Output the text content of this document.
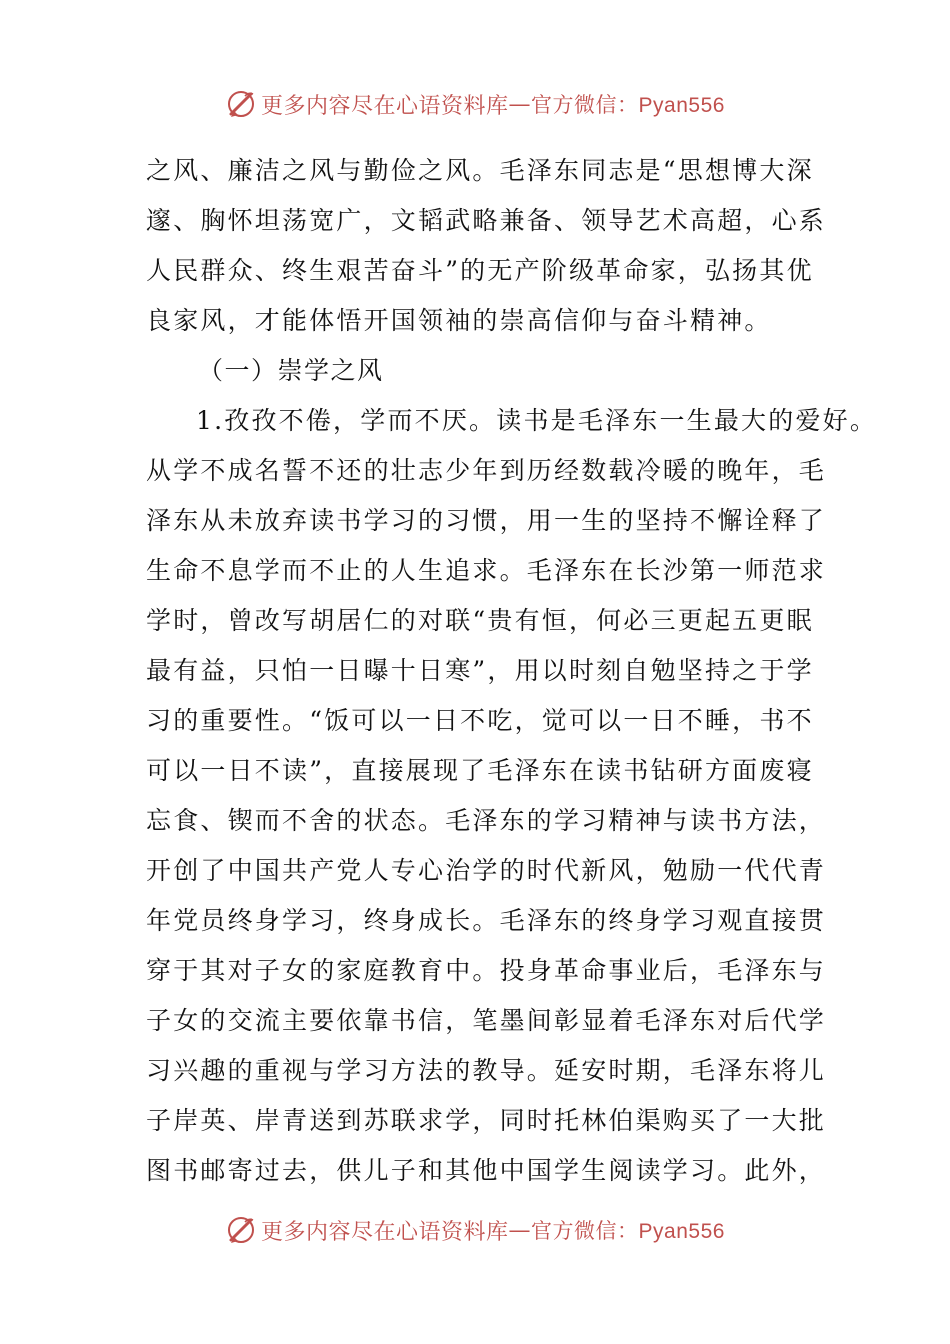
更多内容尽在心语资料库 — 官方微信：Pyan556
之风、廉洁之风与勤俭之风。毛泽东同志是“思想博大深
邃、胸怀坦荡宽广，文韬武略兼备、领导艺术高超，心系
人民群众、终生艰苦奋斗”的无产阶级革命家，弘扬其优
良家风，才能体悟开国领袖的崇高信仰与奋斗精神。
（一）崇学之风
1.孜孜不倦，学而不厌。读书是毛泽东一生最大的爱好。
从学不成名誓不还的壮志少年到历经数载冷暖的晚年，毛
泽东从未放弃读书学习的习惯，用一生的坚持不懈诠释了
生命不息学而不止的人生追求。毛泽东在长沙第一师范求
学时，曾改写胡居仁的对联“贵有恒，何必三更起五更眠
最有益，只怕一日曝十日寒”，用以时刻自勉坚持之于学
习的重要性。“饭可以一日不吃，觉可以一日不睡，书不
可以一日不读”，直接展现了毛泽东在读书钻研方面废寝
忘食、锲而不舍的状态。毛泽东的学习精神与读书方法，
开创了中国共产党人专心治学的时代新风，勉励一代代青
年党员终身学习，终身成长。毛泽东的终身学习观直接贯
穿于其对子女的家庭教育中。投身革命事业后，毛泽东与
子女的交流主要依靠书信，笔墨间彰显着毛泽东对后代学
习兴趣的重视与学习方法的教导。延安时期，毛泽东将儿
子岸英、岸青送到苏联求学，同时托林伯渠购买了一大批
图书邮寄过去，供儿子和其他中国学生阅读学习。此外，
更多内容尽在心语资料库 — 官方微信：Pyan556
